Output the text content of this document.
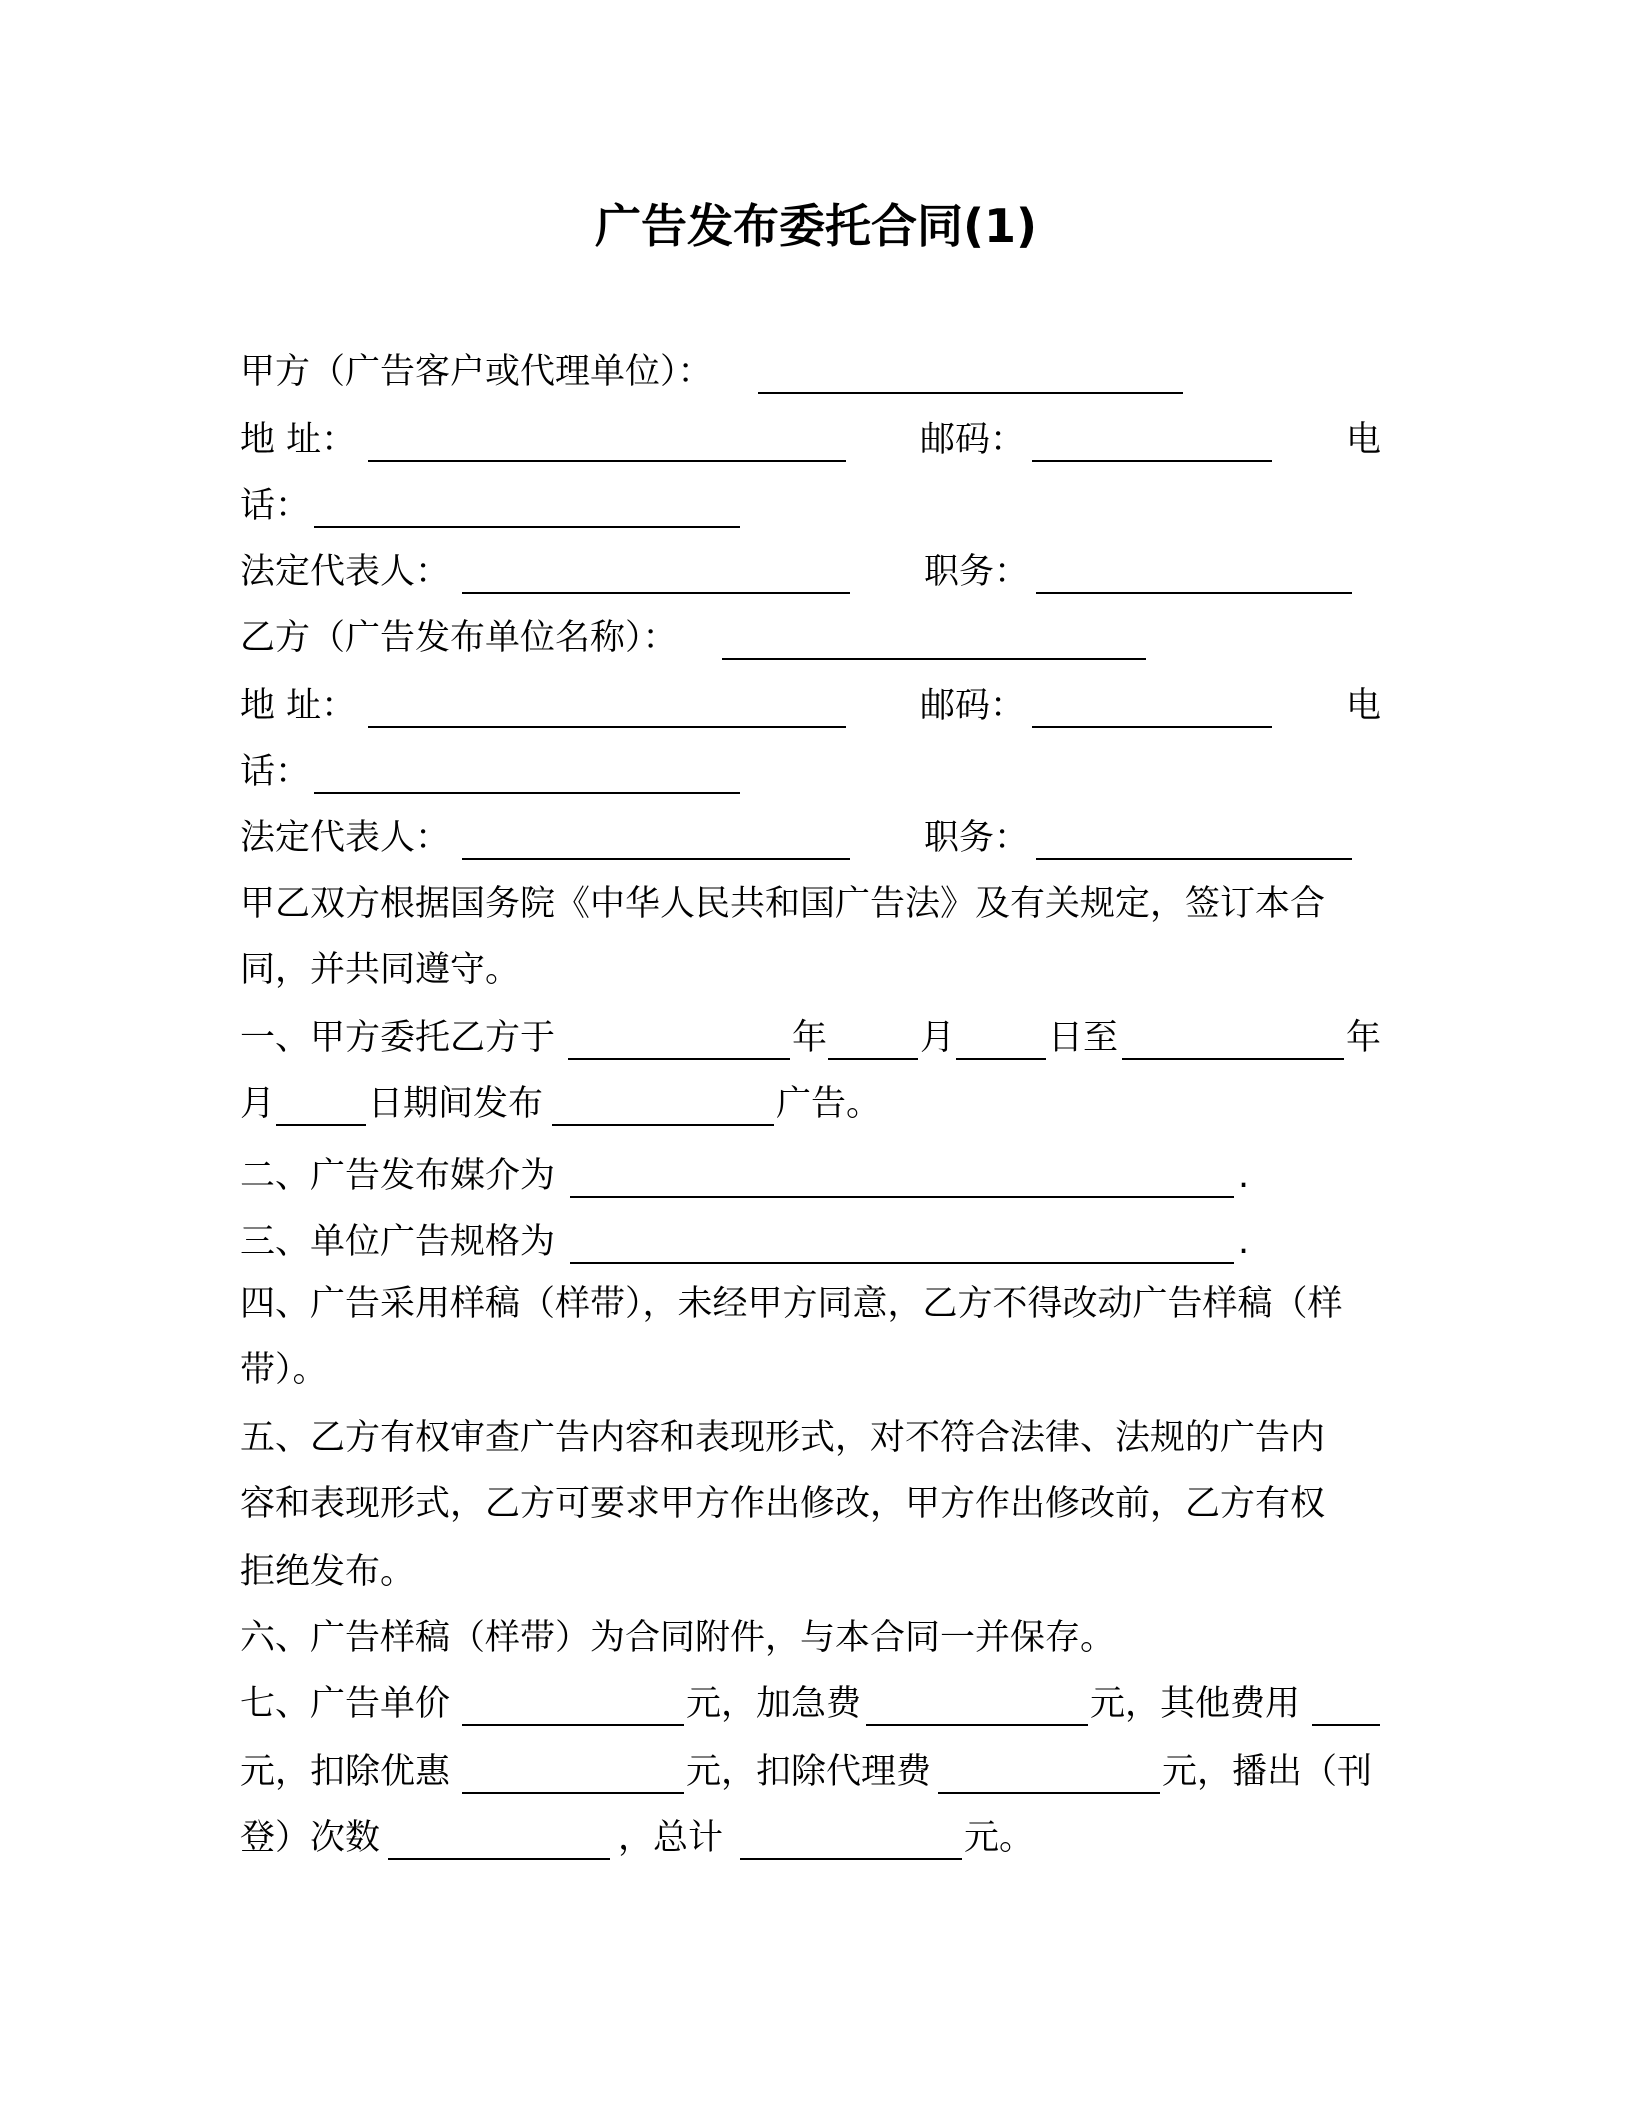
广告发布委托合同(1)
甲方（广告客户或代理单位）：
地 址：	邮码：	电
话：
法定代表人：	职务：
乙方（广告发布单位名称）：
地 址：	邮码：	电
话：
法定代表人：	职务：
甲乙双方根据国务院《中华人民共和国广告法》及有关规定，签订本合
同，并共同遵守。
一、甲方委托乙方于	年	月	日至	年
月	日期间发布	广告。
二、广告发布媒介为	.
三、单位广告规格为	.
四、广告采用样稿（样带），未经甲方同意，乙方不得改动广告样稿（样
带）。
五、乙方有权审查广告内容和表现形式，对不符合法律、法规的广告内
容和表现形式，乙方可要求甲方作出修改，甲方作出修改前，乙方有权
拒绝发布。
六、广告样稿（样带）为合同附件，与本合同一并保存。
七、广告单价	元，加急费	元，其他费用
元，扣除优惠	元，扣除代理费	元，播出（刊
登）次数	，总计	元。
